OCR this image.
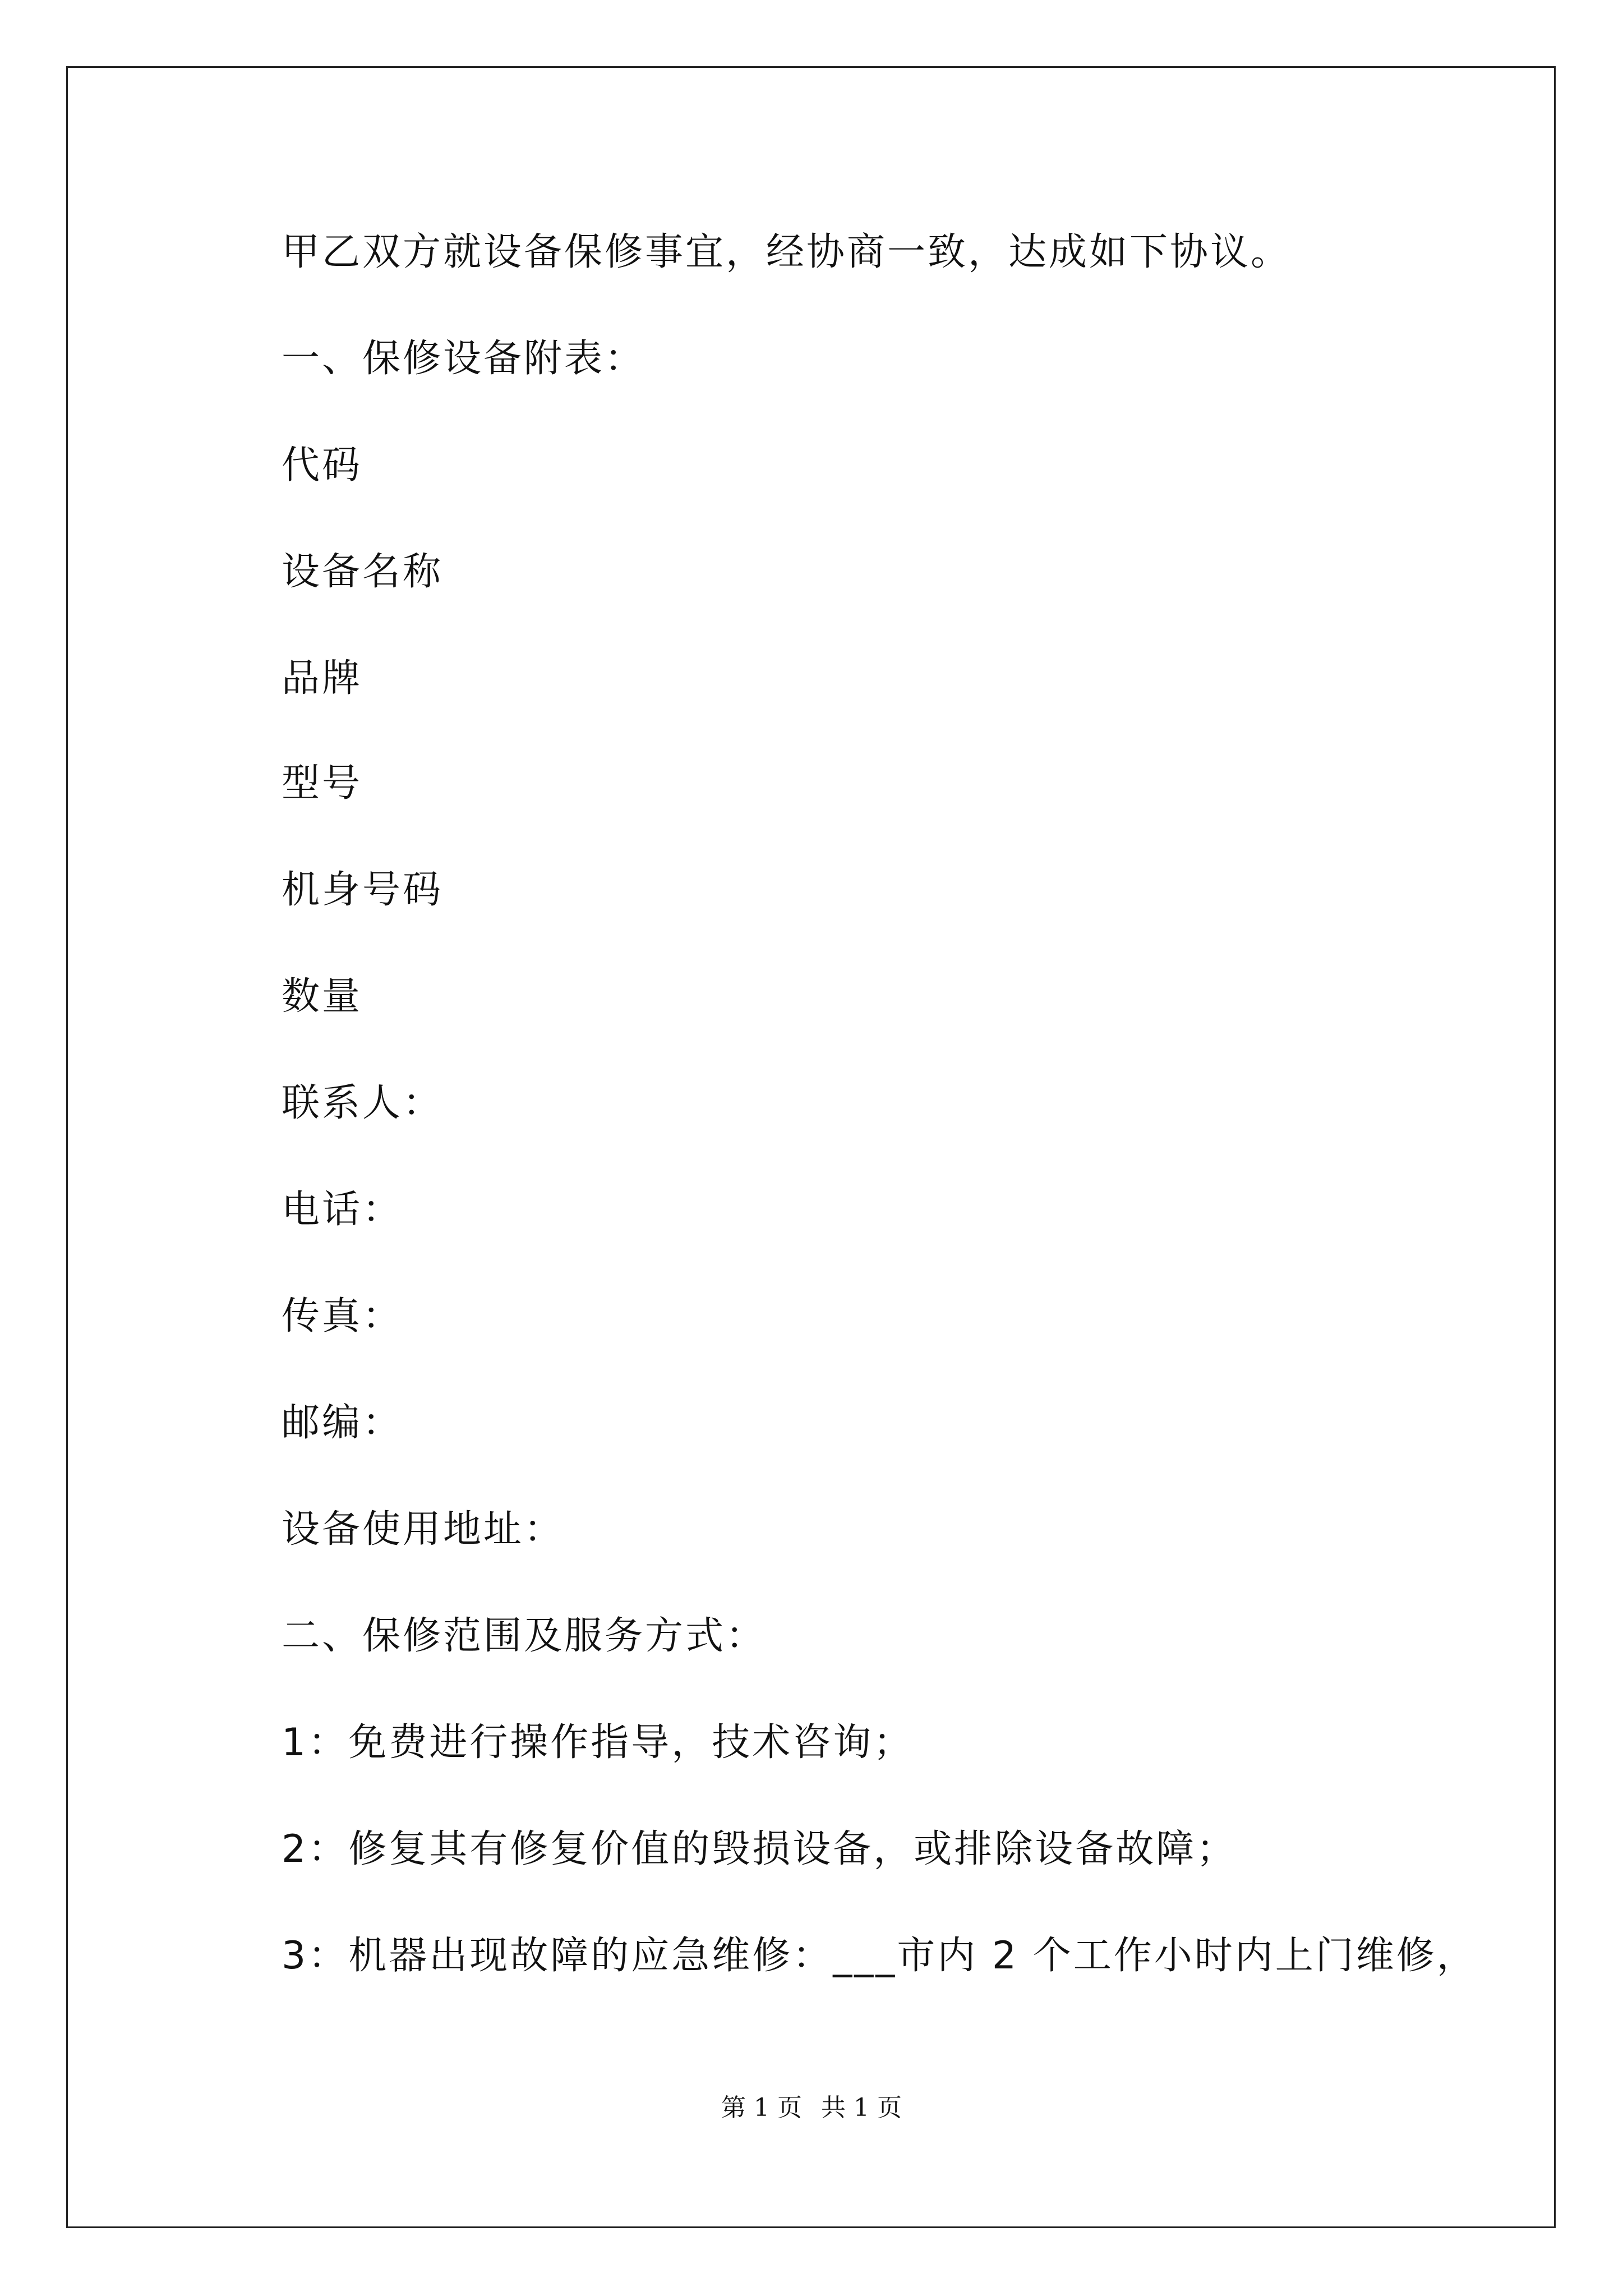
甲乙双方就设备保修事宜，经协商一致，达成如下协议。
一、保修设备附表：
代码
设备名称
品牌
型号
机身号码
数量
联系人：
电话：
传真：
邮编：
设备使用地址：
二、保修范围及服务方式：
1：免费进行操作指导，技术咨询；
2：修复其有修复价值的毁损设备，或排除设备故障；
3：机器出现故障的应急维修：___市内 2 个工作小时内上门维修，
第 1 页 共 1 页
